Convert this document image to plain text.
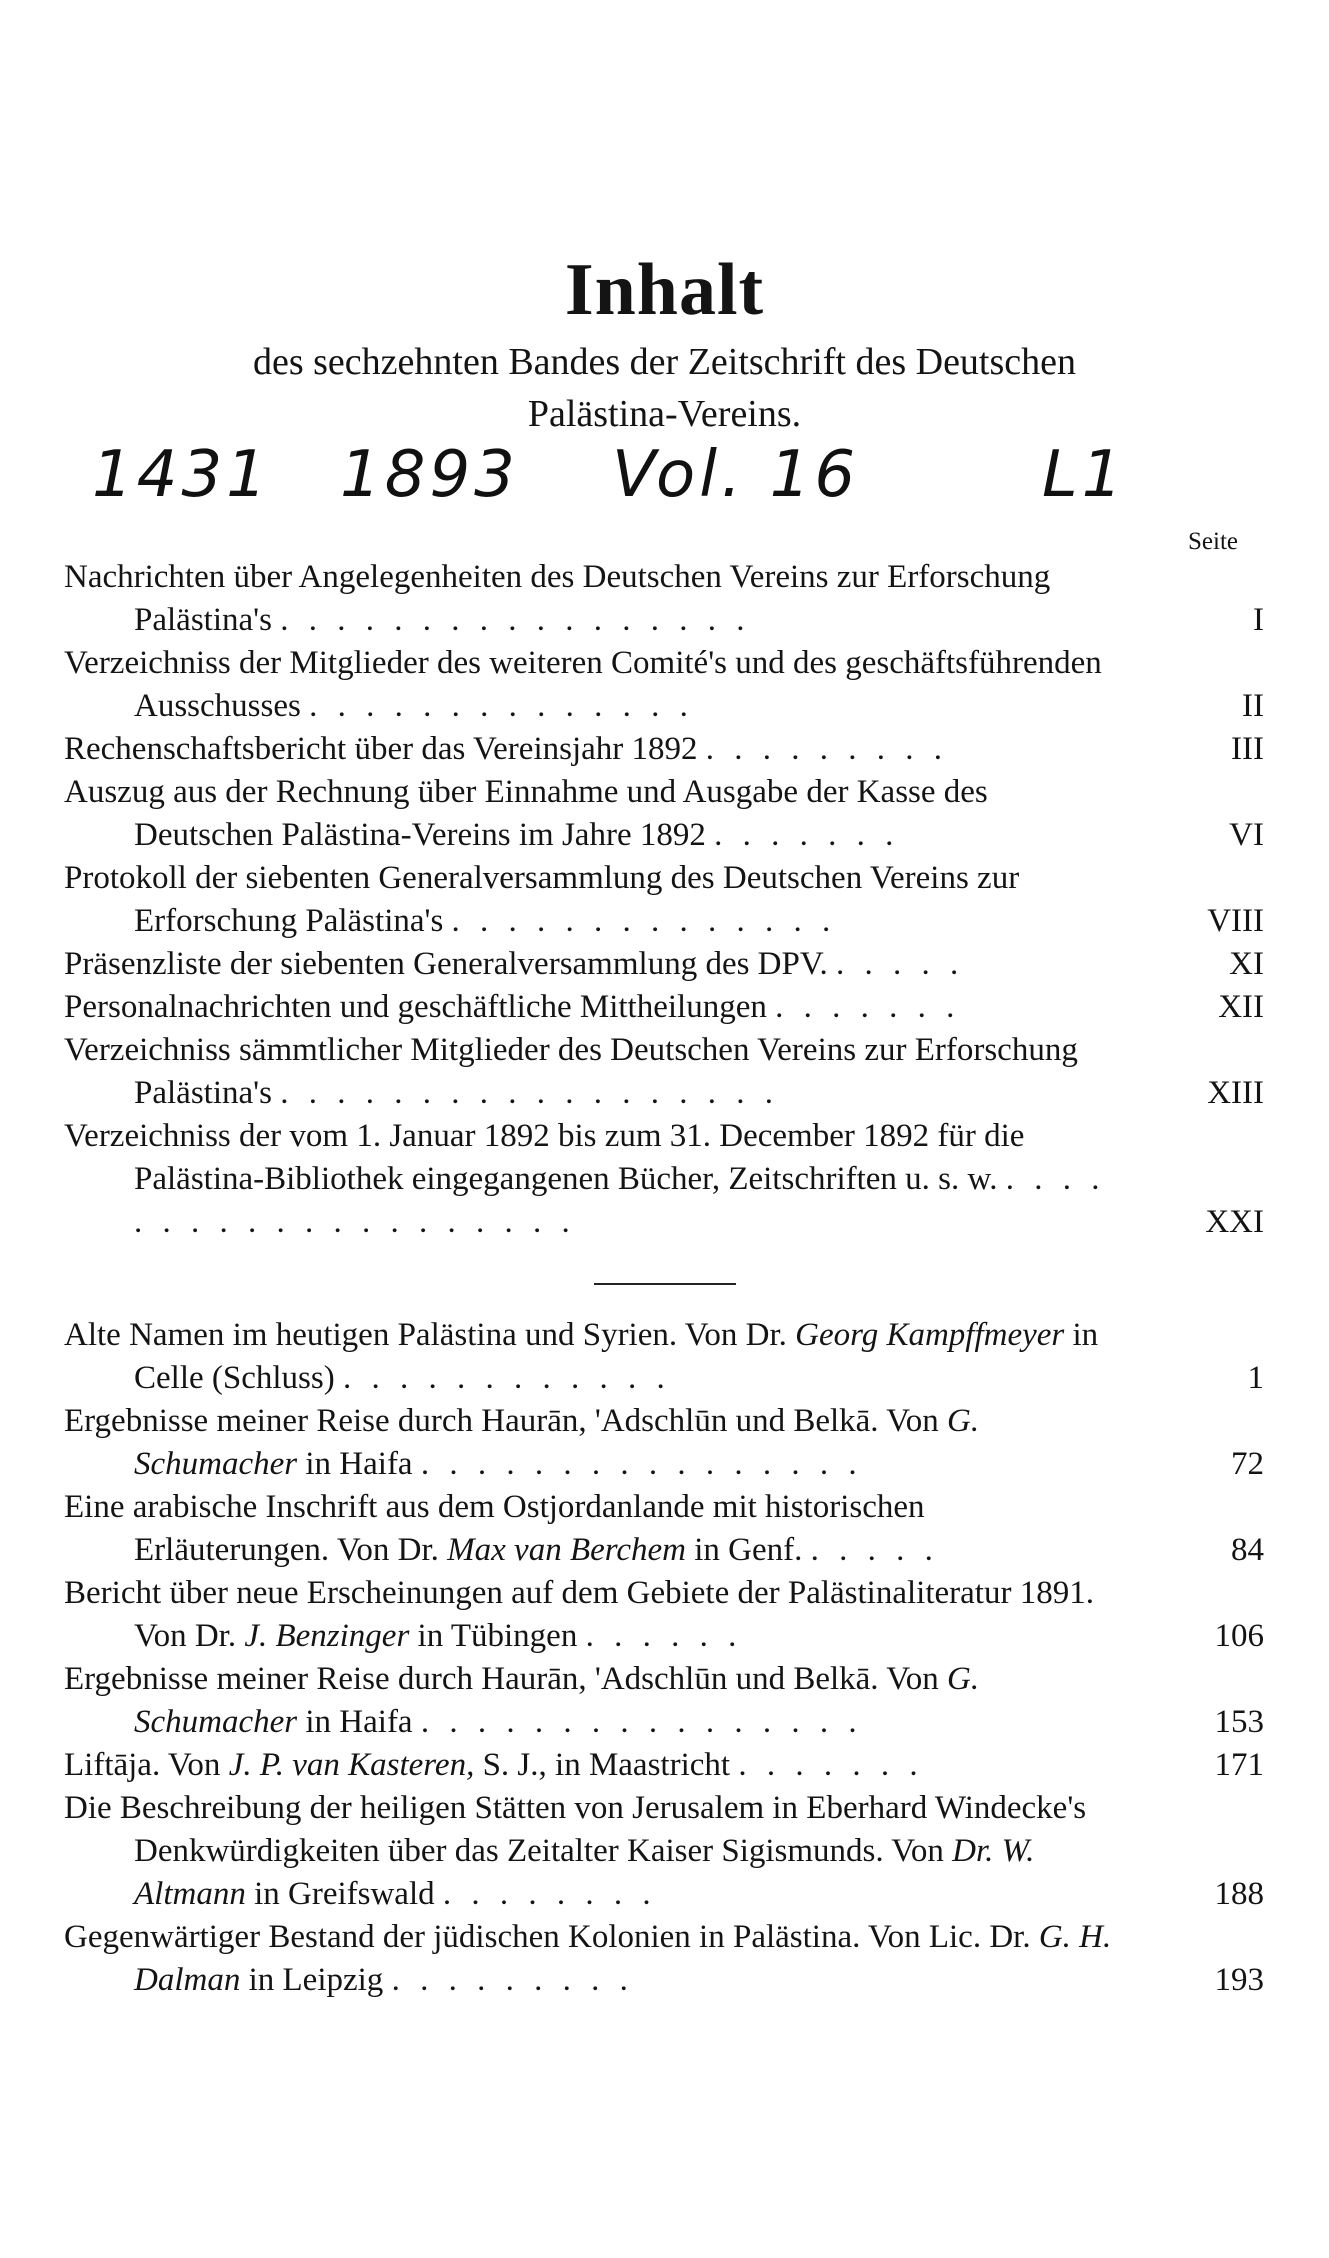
Inhalt
des sechzehnten Bandes der Zeitschrift des Deutschen
Palästina-Vereins.
1431 1893 Vol. 16	L1
Seite
Nachrichten über Angelegenheiten des Deutschen Vereins zur Erforschung Palästina's . . . . . . . . . . . . . . . . .	I
Verzeichniss der Mitglieder des weiteren Comité's und des geschäftsführenden Ausschusses . . . . . . . . . . . . . .	II
Rechenschaftsbericht über das Vereinsjahr 1892 . . . . . . . . .	III
Auszug aus der Rechnung über Einnahme und Ausgabe der Kasse des Deutschen Palästina-Vereins im Jahre 1892 . . . . . . .	VI
Protokoll der siebenten Generalversammlung des Deutschen Vereins zur Erforschung Palästina's . . . . . . . . . . . . . .	VIII
Präsenzliste der siebenten Generalversammlung des DPV. . . . . .	XI
Personalnachrichten und geschäftliche Mittheilungen . . . . . . .	XII
Verzeichniss sämmtlicher Mitglieder des Deutschen Vereins zur Erforschung Palästina's . . . . . . . . . . . . . . . . . .	XIII
Verzeichniss der vom 1. Januar 1892 bis zum 31. December 1892 für die Palästina-Bibliothek eingegangenen Bücher, Zeitschriften u. s. w. . . . . . . . . . . . . . . . . . . . .	XXI
Alte Namen im heutigen Palästina und Syrien. Von Dr. Georg Kampffmeyer in Celle (Schluss) . . . . . . . . . . . .	1
Ergebnisse meiner Reise durch Haurān, 'Adschlūn und Belkā. Von G. Schumacher in Haifa . . . . . . . . . . . . . . . .	72
Eine arabische Inschrift aus dem Ostjordanlande mit historischen Erläuterungen. Von Dr. Max van Berchem in Genf. . . . . .	84
Bericht über neue Erscheinungen auf dem Gebiete der Palästinaliteratur 1891. Von Dr. J. Benzinger in Tübingen . . . . . .	106
Ergebnisse meiner Reise durch Haurān, 'Adschlūn und Belkā. Von G. Schumacher in Haifa . . . . . . . . . . . . . . . .	153
Liftāja. Von J. P. van Kasteren, S. J., in Maastricht . . . . . . .	171
Die Beschreibung der heiligen Stätten von Jerusalem in Eberhard Windecke's Denkwürdigkeiten über das Zeitalter Kaiser Sigismunds. Von Dr. W. Altmann in Greifswald . . . . . . . .	188
Gegenwärtiger Bestand der jüdischen Kolonien in Palästina. Von Lic. Dr. G. H. Dalman in Leipzig . . . . . . . . .	193
